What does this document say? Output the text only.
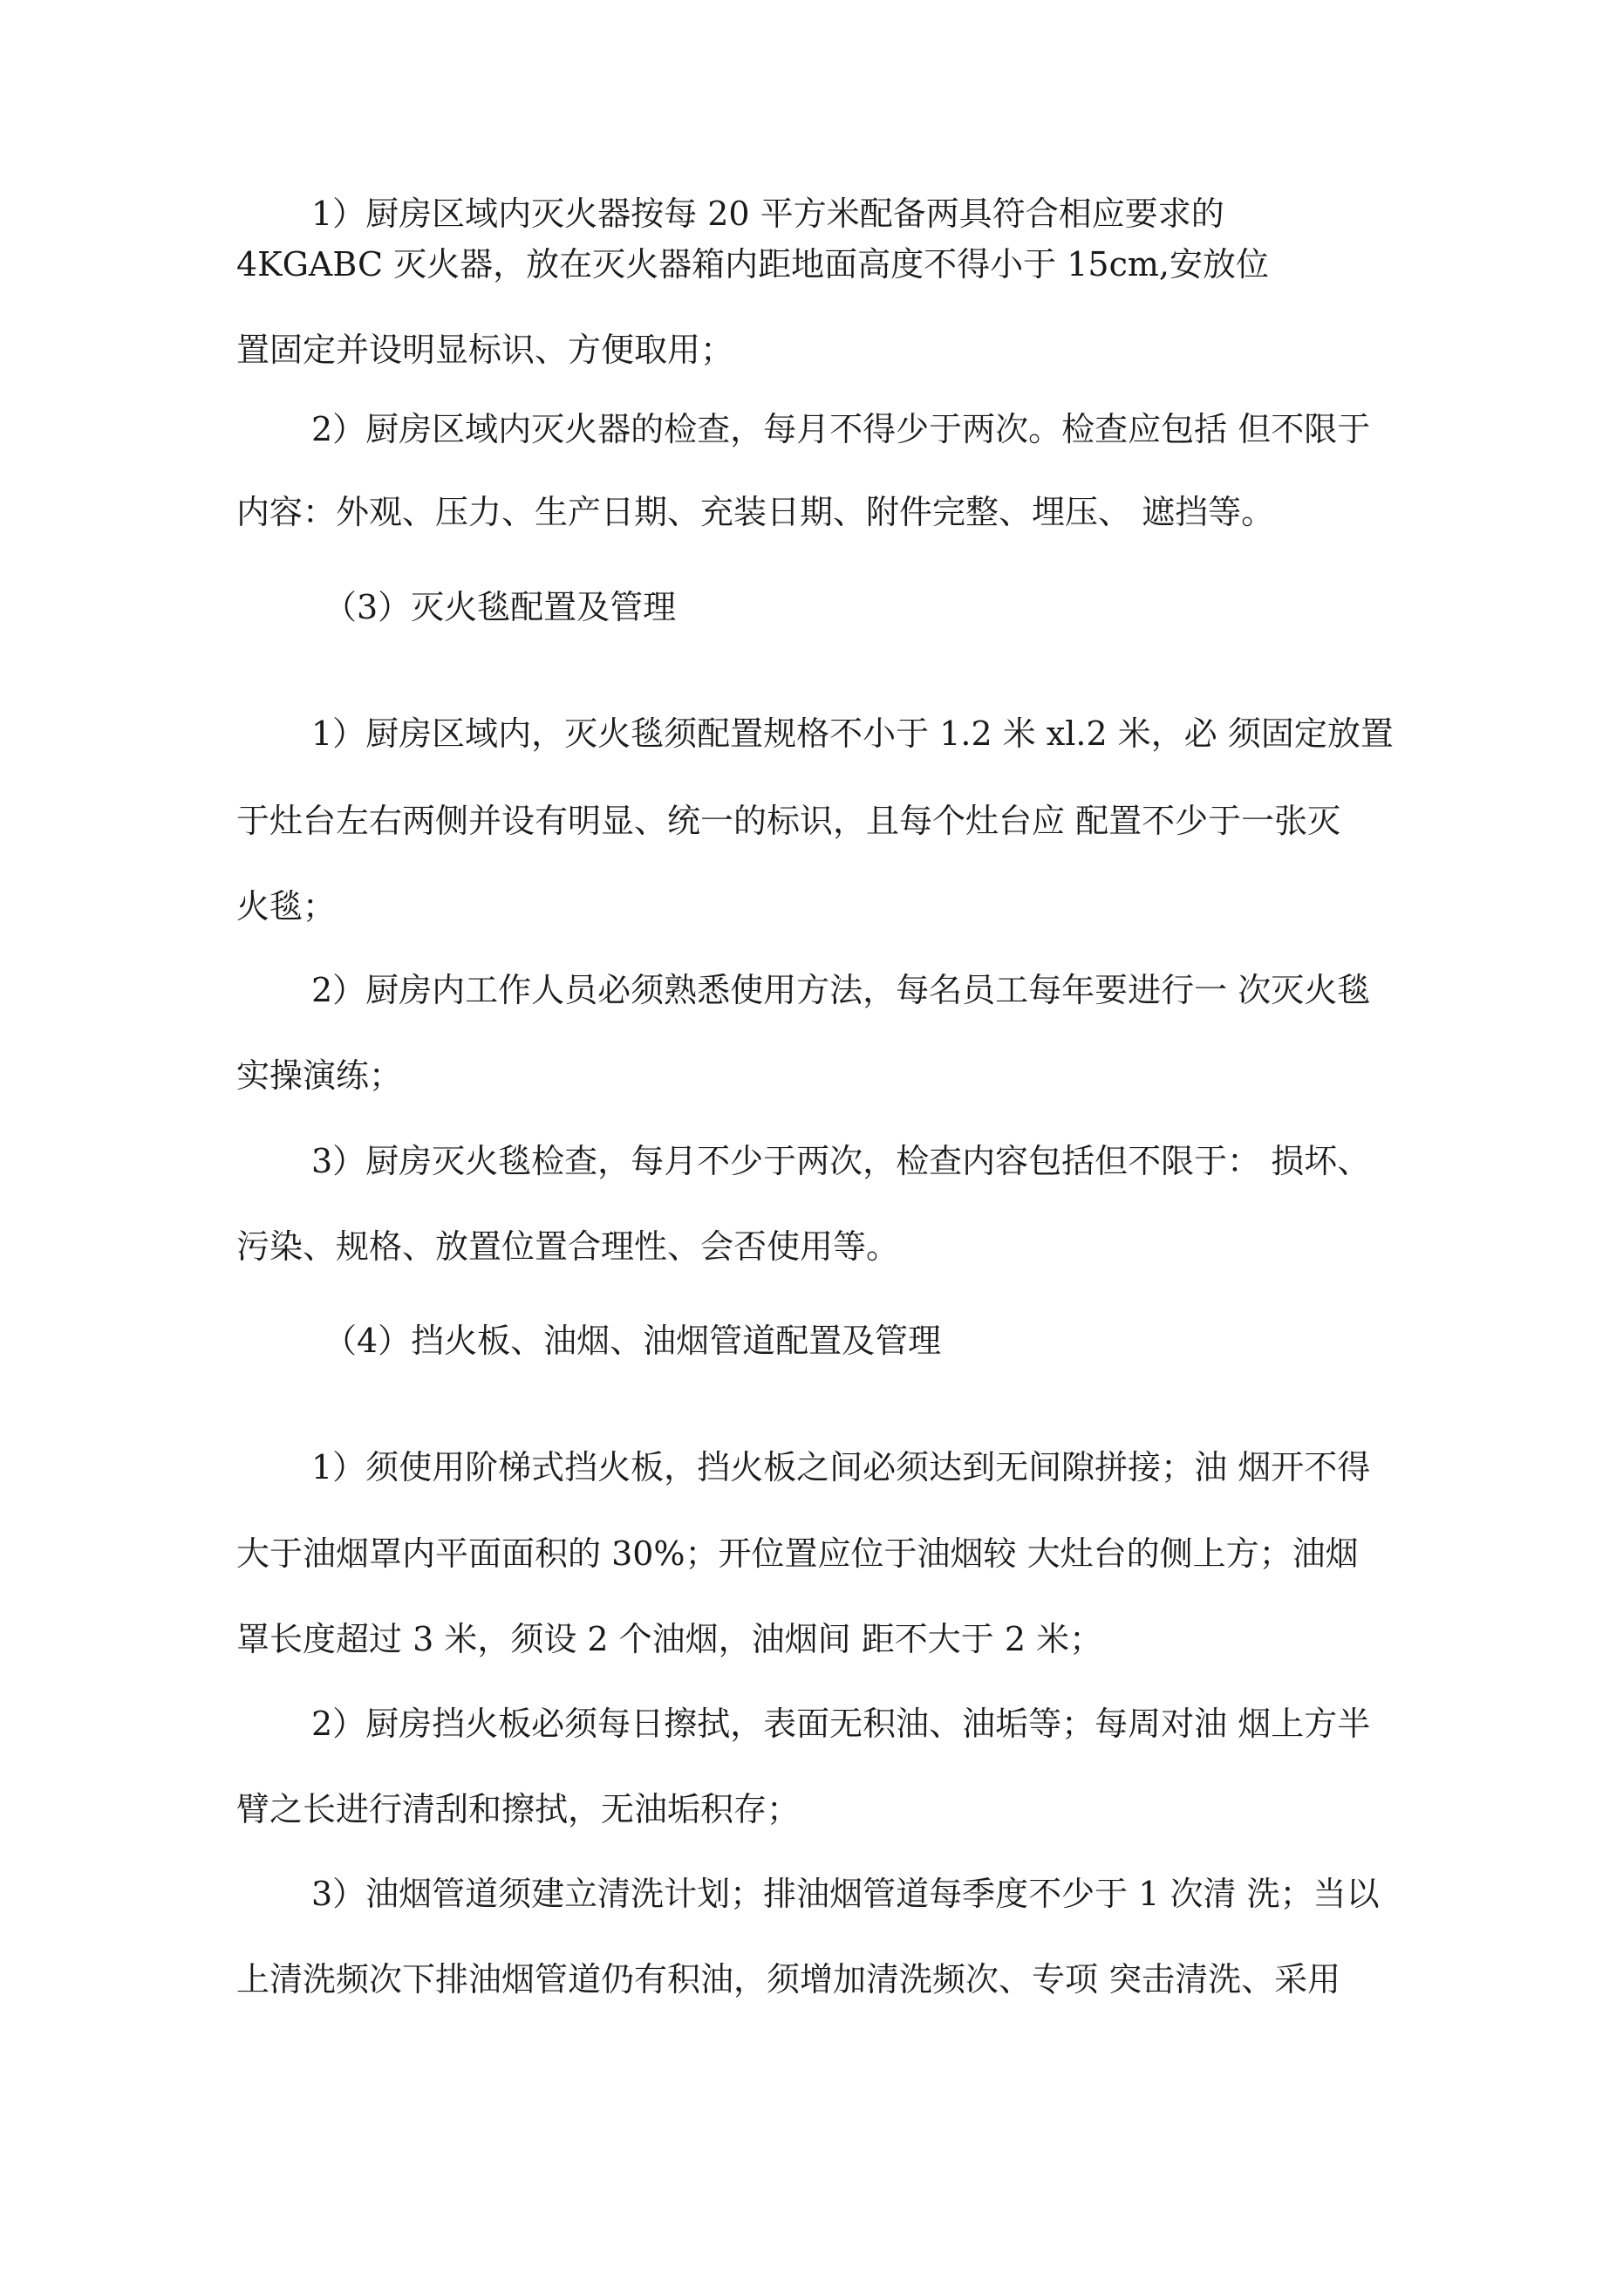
1）厨房区域内灭火器按每 20 平方米配备两具符合相应要求的

4KGABC 灭火器，放在灭火器箱内距地面高度不得小于 15cm,安放位

置固定并设明显标识、方便取用；

2）厨房区域内灭火器的检查，每月不得少于两次。检查应包括 但不限于

内容：外观、压力、生产日期、充装日期、附件完整、埋压、 遮挡等。

（3）灭火毯配置及管理

1）厨房区域内，灭火毯须配置规格不小于 1.2 米 xl.2 米，必 须固定放置

于灶台左右两侧并设有明显、统一的标识，且每个灶台应 配置不少于一张灭

火毯；

2）厨房内工作人员必须熟悉使用方法，每名员工每年要进行一 次灭火毯

实操演练；

3）厨房灭火毯检查，每月不少于两次，检查内容包括但不限于： 损坏、

污染、规格、放置位置合理性、会否使用等。

（4）挡火板、油烟、油烟管道配置及管理

1）须使用阶梯式挡火板，挡火板之间必须达到无间隙拼接；油 烟开不得

大于油烟罩内平面面积的 30%；开位置应位于油烟较 大灶台的侧上方；油烟

罩长度超过 3 米，须设 2 个油烟，油烟间 距不大于 2 米；

2）厨房挡火板必须每日擦拭，表面无积油、油垢等；每周对油 烟上方半

臂之长进行清刮和擦拭，无油垢积存；

3）油烟管道须建立清洗计划；排油烟管道每季度不少于 1 次清 洗；当以

上清洗频次下排油烟管道仍有积油，须增加清洗频次、专项 突击清洗、采用
